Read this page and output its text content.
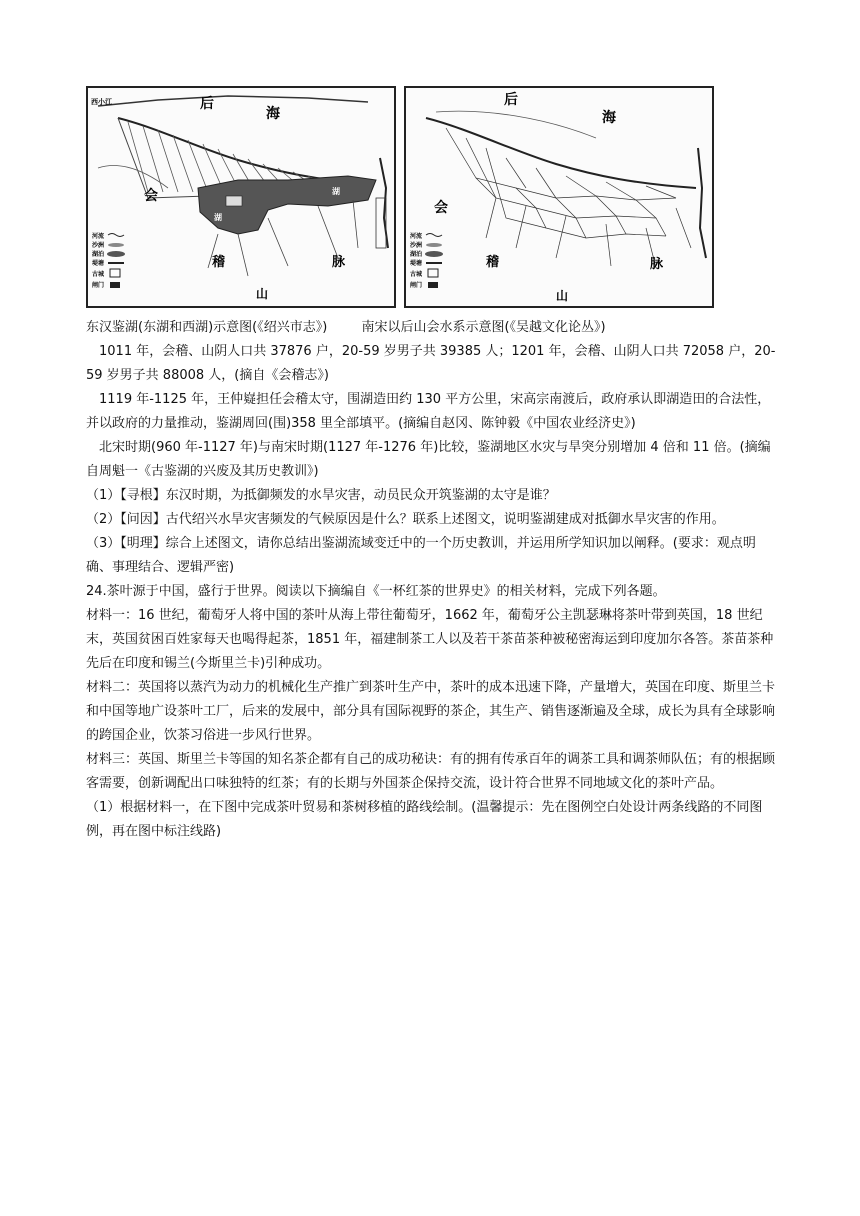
西小江	后
海
会
稽
山
脉
湖
湖
河流
沙洲
湖泊
堤塘
古城
闸门
后
海
会
稽
山
脉
河流
沙洲
湖泊
堤塘
古城
闸门
东汉鉴湖(东湖和西湖)示意图(《绍兴市志》)	南宋以后山会水系示意图(《吴越文化论丛》)

1011 年，会稽、山阴人口共 37876 户，20-59 岁男子共 39385 人；1201 年，会稽、山阴人口共 72058 户，20-59 岁男子共 88008 人，(摘自《会稽志》)

1119 年-1125 年，王仲嶷担任会稽太守，围湖造田约 130 平方公里，宋高宗南渡后，政府承认即湖造田的合法性，并以政府的力量推动，鉴湖周回(围)358 里全部填平。(摘编自赵冈、陈钟毅《中国农业经济史》)

北宋时期(960 年-1127 年)与南宋时期(1127 年-1276 年)比较，鉴湖地区水灾与旱突分别增加 4 倍和 11 倍。(摘编自周魁一《古鉴湖的兴废及其历史教训》)

（1）【寻根】东汉时期，为抵御频发的水旱灾害，动员民众开筑鉴湖的太守是谁？

（2）【问因】古代绍兴水旱灾害频发的气候原因是什么？联系上述图文，说明鉴湖建成对抵御水旱灾害的作用。

（3）【明理】综合上述图文，请你总结出鉴湖流域变迁中的一个历史教训，并运用所学知识加以阐释。(要求：观点明确、事理结合、逻辑严密)

24.茶叶源于中国，盛行于世界。阅读以下摘编自《一杯红茶的世界史》的相关材料，完成下列各题。

材料一：16 世纪，葡萄牙人将中国的茶叶从海上带往葡萄牙，1662 年，葡萄牙公主凯瑟琳将茶叶带到英国，18 世纪末，英国贫困百姓家每天也喝得起茶，1851 年，福建制茶工人以及若干茶苗茶种被秘密海运到印度加尔各答。茶苗茶种先后在印度和锡兰(今斯里兰卡)引种成功。

材料二：英国将以蒸汽为动力的机械化生产推广到茶叶生产中，茶叶的成本迅速下降，产量增大，英国在印度、斯里兰卡和中国等地广设茶叶工厂，后来的发展中，部分具有国际视野的茶企，其生产、销售逐渐遍及全球，成长为具有全球影响的跨国企业，饮茶习俗进一步风行世界。

材料三：英国、斯里兰卡等国的知名茶企都有自己的成功秘诀：有的拥有传承百年的调茶工具和调茶师队伍；有的根据顾客需要，创新调配出口味独特的红茶；有的长期与外国茶企保持交流，设计符合世界不同地域文化的茶叶产品。

（1）根据材料一，在下图中完成茶叶贸易和茶树移植的路线绘制。(温馨提示：先在图例空白处设计两条线路的不同图例，再在图中标注线路)
